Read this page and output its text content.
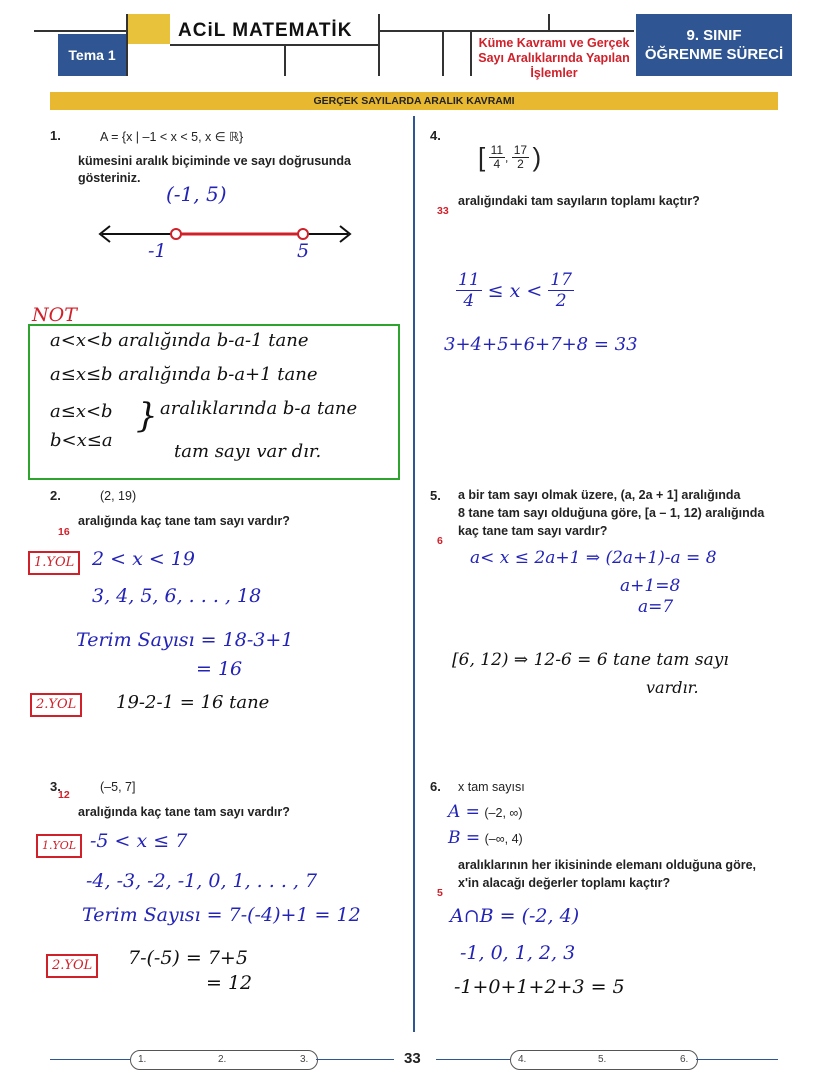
Tema 1
ACiL MATEMATİK
Küme Kavramı ve Gerçek Sayı Aralıklarında Yapılan İşlemler
9. SINIF
ÖĞRENME SÜRECİ
GERÇEK SAYILARDA ARALIK KAVRAMI
1.	A = {x | –1 < x < 5, x ∈ ℝ}
kümesini aralık biçiminde ve sayı doğrusunda gösteriniz.
(-1, 5)
-1	5
NOT
a<x<b aralığında b-a-1 tane
a≤x≤b aralığında b-a+1 tane
a≤x<b
b<x≤a
} aralıklarında b-a tane
tam sayı var dır.
2.	(2, 19)
aralığında kaç tane tam sayı vardır?
16
1.YOL 2 < x < 19
3, 4, 5, 6, . . . , 18
Terim Sayısı = 18-3+1
= 16
2.YOL	19-2-1 = 16 tane
3.	(–5, 7]
12
aralığında kaç tane tam sayı vardır?
1.YOL -5 < x ≤ 7
-4, -3, -2, -1, 0, 1, . . . , 7
Terim Sayısı = 7-(-4)+1 = 12
2.YOL	7-(-5) = 7+5
= 12
4.
[ $\frac{11}{4}$ , $\frac{17}{2}$ )
aralığındaki tam sayıların toplamı kaçtır?
33
$\frac{11}{4} \le x < \frac{17}{2}$
3+4+5+6+7+8 = 33
5. a bir tam sayı olmak üzere, (a, 2a + 1] aralığında
8 tane tam sayı olduğuna göre, [a – 1, 12) aralığında
kaç tane tam sayı vardır?
6
a< x ≤ 2a+1 ⇒ (2a+1)-a = 8
a+1=8
a=7
[6, 12) ⇒ 12-6 = 6 tane tam sayı
vardır.
6. x tam sayısı
A = (–2, ∞)
B = (–∞, 4)
aralıklarının her ikisininde elemanı olduğuna göre,
x'in alacağı değerler toplamı kaçtır?
5
A∩B = (-2, 4)
-1, 0, 1, 2, 3
-1+0+1+2+3 = 5
1.	2.	3.	33	4.	5.	6.
